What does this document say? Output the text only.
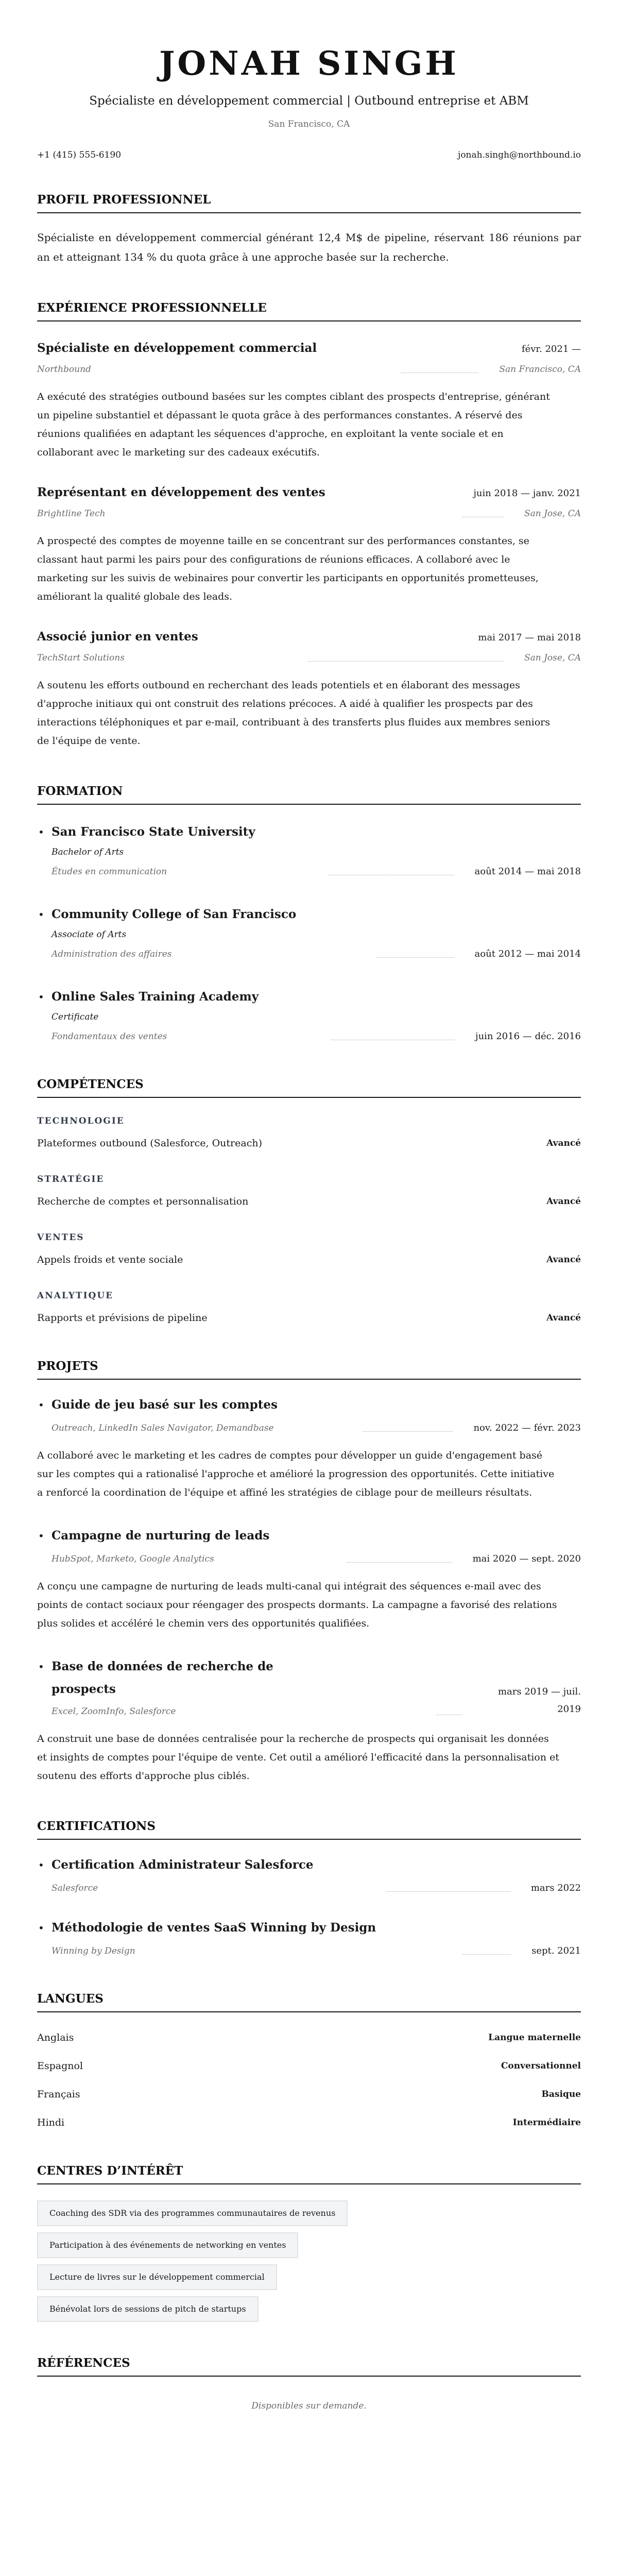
JONAH SINGH
Spécialiste en développement commercial | Outbound entreprise et ABM
San Francisco, CA
+1 (415) 555-6190	jonah.singh@northbound.io
PROFIL PROFESSIONNEL

Spécialiste en développement commercial générant 12,4 M$ de pipeline, réservant 186 réunions par an et atteignant 134 % du quota grâce à une approche basée sur la recherche.

EXPÉRIENCE PROFESSIONNELLE
Spécialiste en développement commercial	févr. 2021 —
Northbound	San Francisco, CA
A exécuté des stratégies outbound basées sur les comptes ciblant des prospects d'entreprise, générant un pipeline substantiel et dépassant le quota grâce à des performances constantes. A réservé des réunions qualifiées en adaptant les séquences d'approche, en exploitant la vente sociale et en collaborant avec le marketing sur des cadeaux exécutifs.
Représentant en développement des ventes	juin 2018 — janv. 2021
Brightline Tech	San Jose, CA
A prospecté des comptes de moyenne taille en se concentrant sur des performances constantes, se classant haut parmi les pairs pour des configurations de réunions efficaces. A collaboré avec le marketing sur les suivis de webinaires pour convertir les participants en opportunités prometteuses, améliorant la qualité globale des leads.
Associé junior en ventes	mai 2017 — mai 2018
TechStart Solutions	San Jose, CA
A soutenu les efforts outbound en recherchant des leads potentiels et en élaborant des messages d'approche initiaux qui ont construit des relations précoces. A aidé à qualifier les prospects par des interactions téléphoniques et par e-mail, contribuant à des transferts plus fluides aux membres seniors de l'équipe de vente.
FORMATION
• San Francisco State University
Bachelor of Arts
Études en communication	août 2014 — mai 2018
• Community College of San Francisco
Associate of Arts
Administration des affaires	août 2012 — mai 2014
• Online Sales Training Academy
Certificate
Fondamentaux des ventes	juin 2016 — déc. 2016
COMPÉTENCES
TECHNOLOGIE
Plateformes outbound (Salesforce, Outreach)	Avancé
STRATÉGIE
Recherche de comptes et personnalisation	Avancé
VENTES
Appels froids et vente sociale	Avancé
ANALYTIQUE
Rapports et prévisions de pipeline	Avancé
PROJETS
• Guide de jeu basé sur les comptes
Outreach, LinkedIn Sales Navigator, Demandbase	nov. 2022 — févr. 2023
A collaboré avec le marketing et les cadres de comptes pour développer un guide d'engagement basé sur les comptes qui a rationalisé l'approche et amélioré la progression des opportunités. Cette initiative a renforcé la coordination de l'équipe et affiné les stratégies de ciblage pour de meilleurs résultats.
• Campagne de nurturing de leads
HubSpot, Marketo, Google Analytics	mai 2020 — sept. 2020
A conçu une campagne de nurturing de leads multi-canal qui intégrait des séquences e-mail avec des points de contact sociaux pour réengager des prospects dormants. La campagne a favorisé des relations plus solides et accéléré le chemin vers des opportunités qualifiées.
• Base de données de recherche de prospects
Excel, ZoomInfo, Salesforce
mars 2019 — juil. 2019
A construit une base de données centralisée pour la recherche de prospects qui organisait les données et insights de comptes pour l'équipe de vente. Cet outil a amélioré l'efficacité dans la personnalisation et soutenu des efforts d'approche plus ciblés.
CERTIFICATIONS
• Certification Administrateur Salesforce
Salesforce	mars 2022
• Méthodologie de ventes SaaS Winning by Design
Winning by Design	sept. 2021
LANGUES
Anglais	Langue maternelle
Espagnol	Conversationnel
Français	Basique
Hindi	Intermédiaire
CENTRES D’INTÉRÊT
Coaching des SDR via des programmes communautaires de revenus
Participation à des événements de networking en ventes
Lecture de livres sur le développement commercial
Bénévolat lors de sessions de pitch de startups
RÉFÉRENCES
Disponibles sur demande.
